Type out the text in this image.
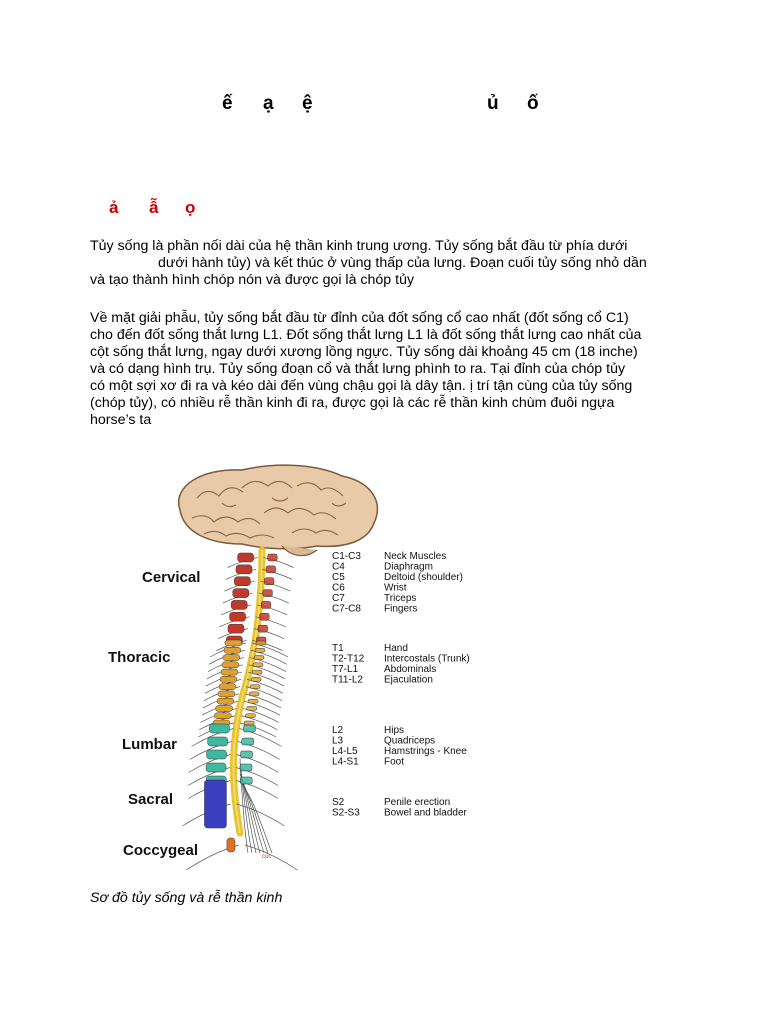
ế ạ ệ	ủ ố
ả ẫ ọ
Tủy sống là phần nối dài của hệ thần kinh trung ương. Tủy sống bắt đầu từ phía dưới
dưới hành tủy) và kết thúc ở vùng thấp của lưng. Đoạn cuối tủy sống nhỏ dần
và tạo thành hình chóp nón và được gọi là chóp tủy
Về mặt giải phẫu, tủy sống bắt đầu từ đỉnh của đốt sống cổ cao nhất (đốt sống cổ C1)
cho đến đốt sống thắt lưng L1. Đốt sống thắt lưng L1 là đốt sống thắt lưng cao nhất của
cột sống thắt lưng, ngay dưới xương lồng ngực. Tủy sống dài khoảng 45 cm (18 inche)
và có dạng hình trụ. Tủy sống đoạn cổ và thắt lưng phình to ra. Tại đỉnh của chóp tủy
có một sợi xơ đi ra và kéo dài đến vùng chậu gọi là dây tận. ị trí tận cùng của tủy sống
(chóp tủy), có nhiều rễ thần kinh đi ra, được gọi là các rễ thần kinh chùm đuôi ngựa
horse’s ta
Cervical
Thoracic
Lumbar
Sacral
Coccygeal	coc
C1-C3 Neck Muscles
C4	Diaphragm
C5	Deltoid (shoulder)
C6	Wrist
C7	Triceps
C7-C8 Fingers
T1	Hand
T2-T12 Intercostals (Trunk)
T7-L1	Abdominals
T11-L2 Ejaculation
L2	Hips
L3	Quadriceps
L4-L5	Hamstrings - Knee
L4-S1	Foot
S2	Penile erection
S2-S3 Bowel and bladder
Sơ đồ tủy sống và rễ thần kinh
